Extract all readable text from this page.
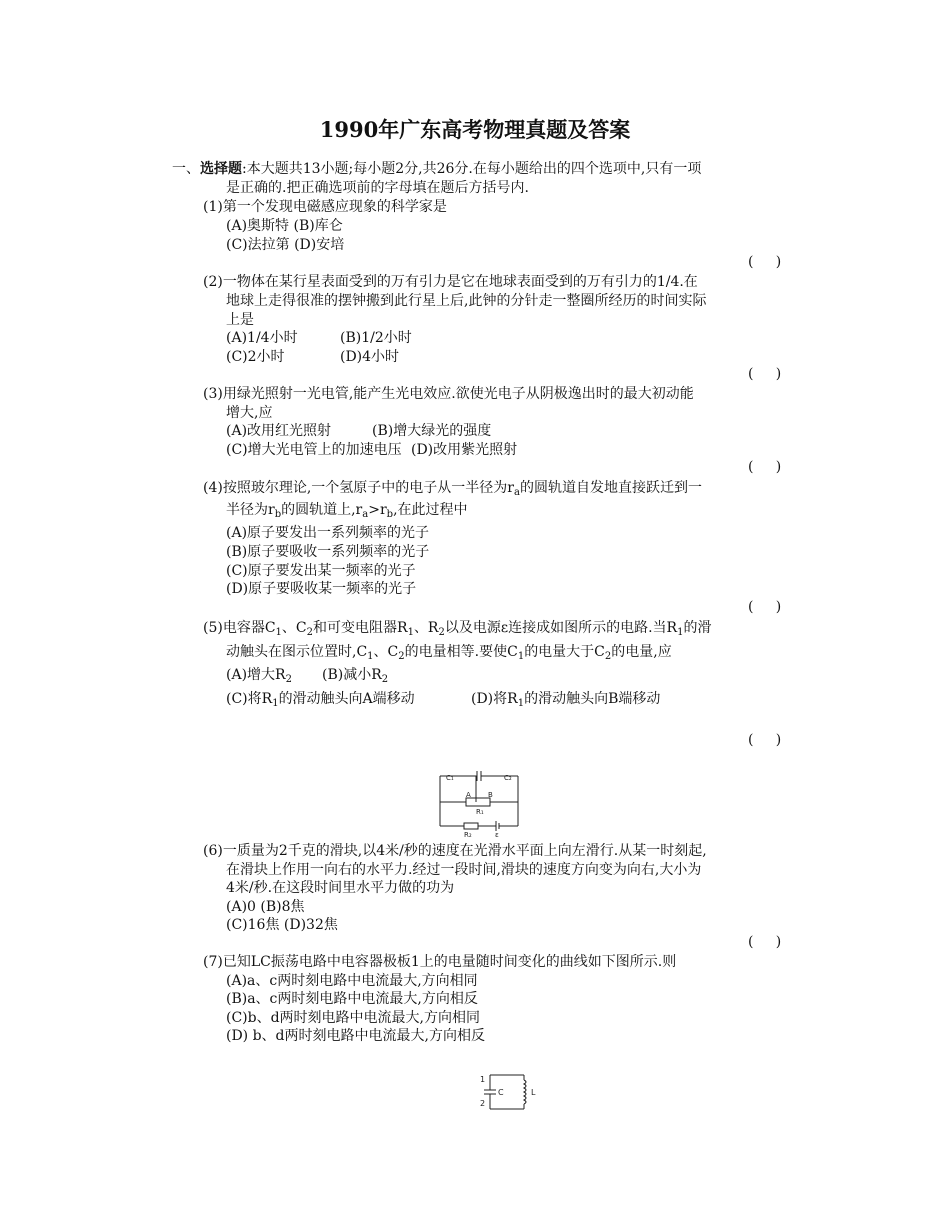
1990年广东高考物理真题及答案
一、选择题:本大题共13小题;每小题2分,共26分.在每小题给出的四个选项中,只有一项
是正确的.把正确选项前的字母填在题后方括号内.
(1)第一个发现电磁感应现象的科学家是
(A)奥斯特 (B)库仑
(C)法拉第 (D)安培
(     )
(2)一物体在某行星表面受到的万有引力是它在地球表面受到的万有引力的1/4.在
地球上走得很准的摆钟搬到此行星上后,此钟的分针走一整圈所经历的时间实际
上是
(A)1/4小时	(B)1/2小时
(C)2小时	(D)4小时
(     )
(3)用绿光照射一光电管,能产生光电效应.欲使光电子从阴极逸出时的最大初动能
增大,应
(A)改用红光照射	(B)增大绿光的强度
(C)增大光电管上的加速电压 (D)改用紫光照射
(     )
(4)按照玻尔理论,一个氢原子中的电子从一半径为$r_a$的圆轨道自发地直接跃迁到一
半径为$r_b$的圆轨道上$,r_a>r_b$,在此过程中
(A)原子要发出一系列频率的光子
(B)原子要吸收一系列频率的光子
(C)原子要发出某一频率的光子
(D)原子要吸收某一频率的光子
(     )
(5)电容器$C_1$、$C_2$和可变电阻器$R_1$、$R_2$以及电源ε连接成如图所示的电路.当$R_1$的滑
动触头在图示位置时$,C_1$、$C_2$的电量相等.要使$C_1$的电量大于$C_2$的电量,应
(A)增大$R_2$ (B)减小$R_2$
(C)将$R_1$的滑动触头向A端移动	(D)将$R_1$的滑动触头向B端移动
(     )
C₁	C₂
A B
R₁
R₂	ε
(6)一质量为2千克的滑块,以4米/秒的速度在光滑水平面上向左滑行.从某一时刻起,
在滑块上作用一向右的水平力.经过一段时间,滑块的速度方向变为向右,大小为
4米/秒.在这段时间里水平力做的功为
(A)0 (B)8焦
(C)16焦 (D)32焦
(     )
(7)已知LC振荡电路中电容器极板1上的电量随时间变化的曲线如下图所示.则
(A)a、c两时刻电路中电流最大,方向相同
(B)a、c两时刻电路中电流最大,方向相反
(C)b、d两时刻电路中电流最大,方向相同
(D) b、d两时刻电路中电流最大,方向相反
1
2
C	L
